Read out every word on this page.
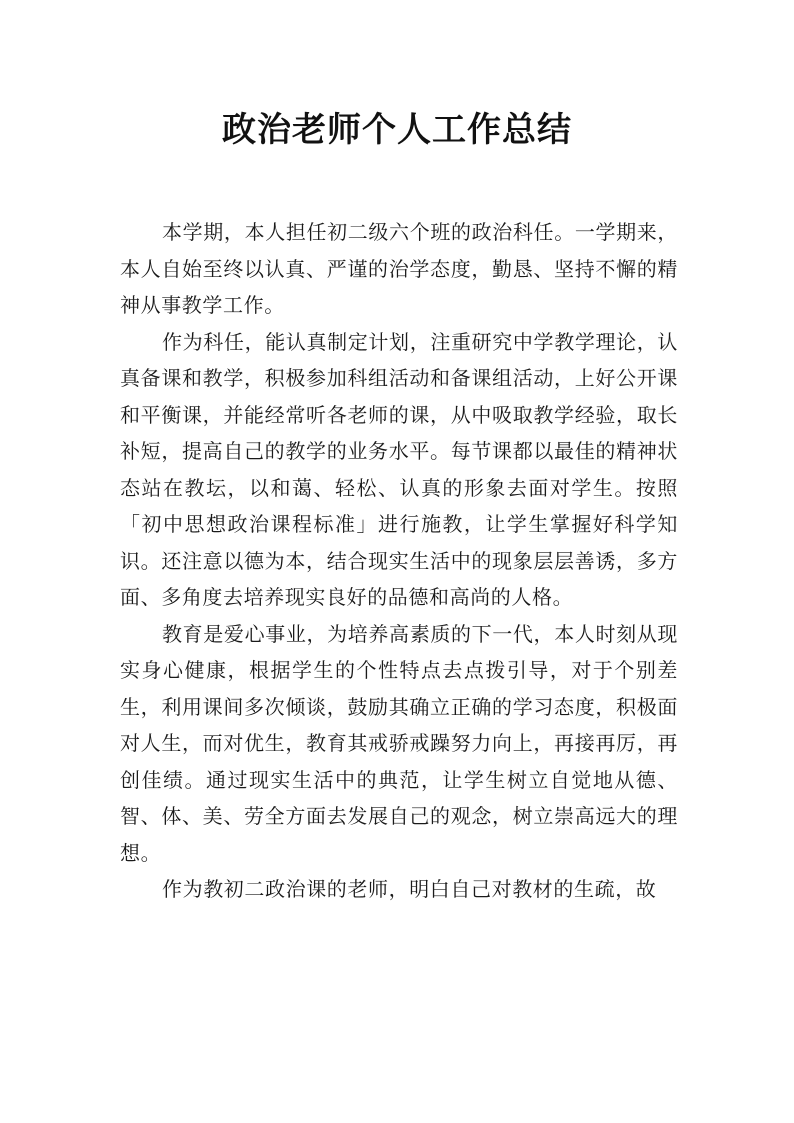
政治老师个人工作总结

本学期，本人担任初二级六个班的政治科任。一学期来，本人自始至终以认真、严谨的治学态度，勤恳、坚持不懈的精神从事教学工作。

作为科任，能认真制定计划，注重研究中学教学理论，认真备课和教学，积极参加科组活动和备课组活动，上好公开课和平衡课，并能经常听各老师的课，从中吸取教学经验，取长补短，提高自己的教学的业务水平。每节课都以最佳的精神状态站在教坛，以和蔼、轻松、认真的形象去面对学生。按照「初中思想政治课程标准」进行施教，让学生掌握好科学知识。还注意以德为本，结合现实生活中的现象层层善诱，多方面、多角度去培养现实良好的品德和高尚的人格。

教育是爱心事业，为培养高素质的下一代，本人时刻从现实身心健康，根据学生的个性特点去点拨引导，对于个别差生，利用课间多次倾谈，鼓励其确立正确的学习态度，积极面对人生，而对优生，教育其戒骄戒躁努力向上，再接再厉，再创佳绩。通过现实生活中的典范，让学生树立自觉地从德、智、体、美、劳全方面去发展自己的观念，树立崇高远大的理想。

作为教初二政治课的老师，明白自己对教材的生疏，故
